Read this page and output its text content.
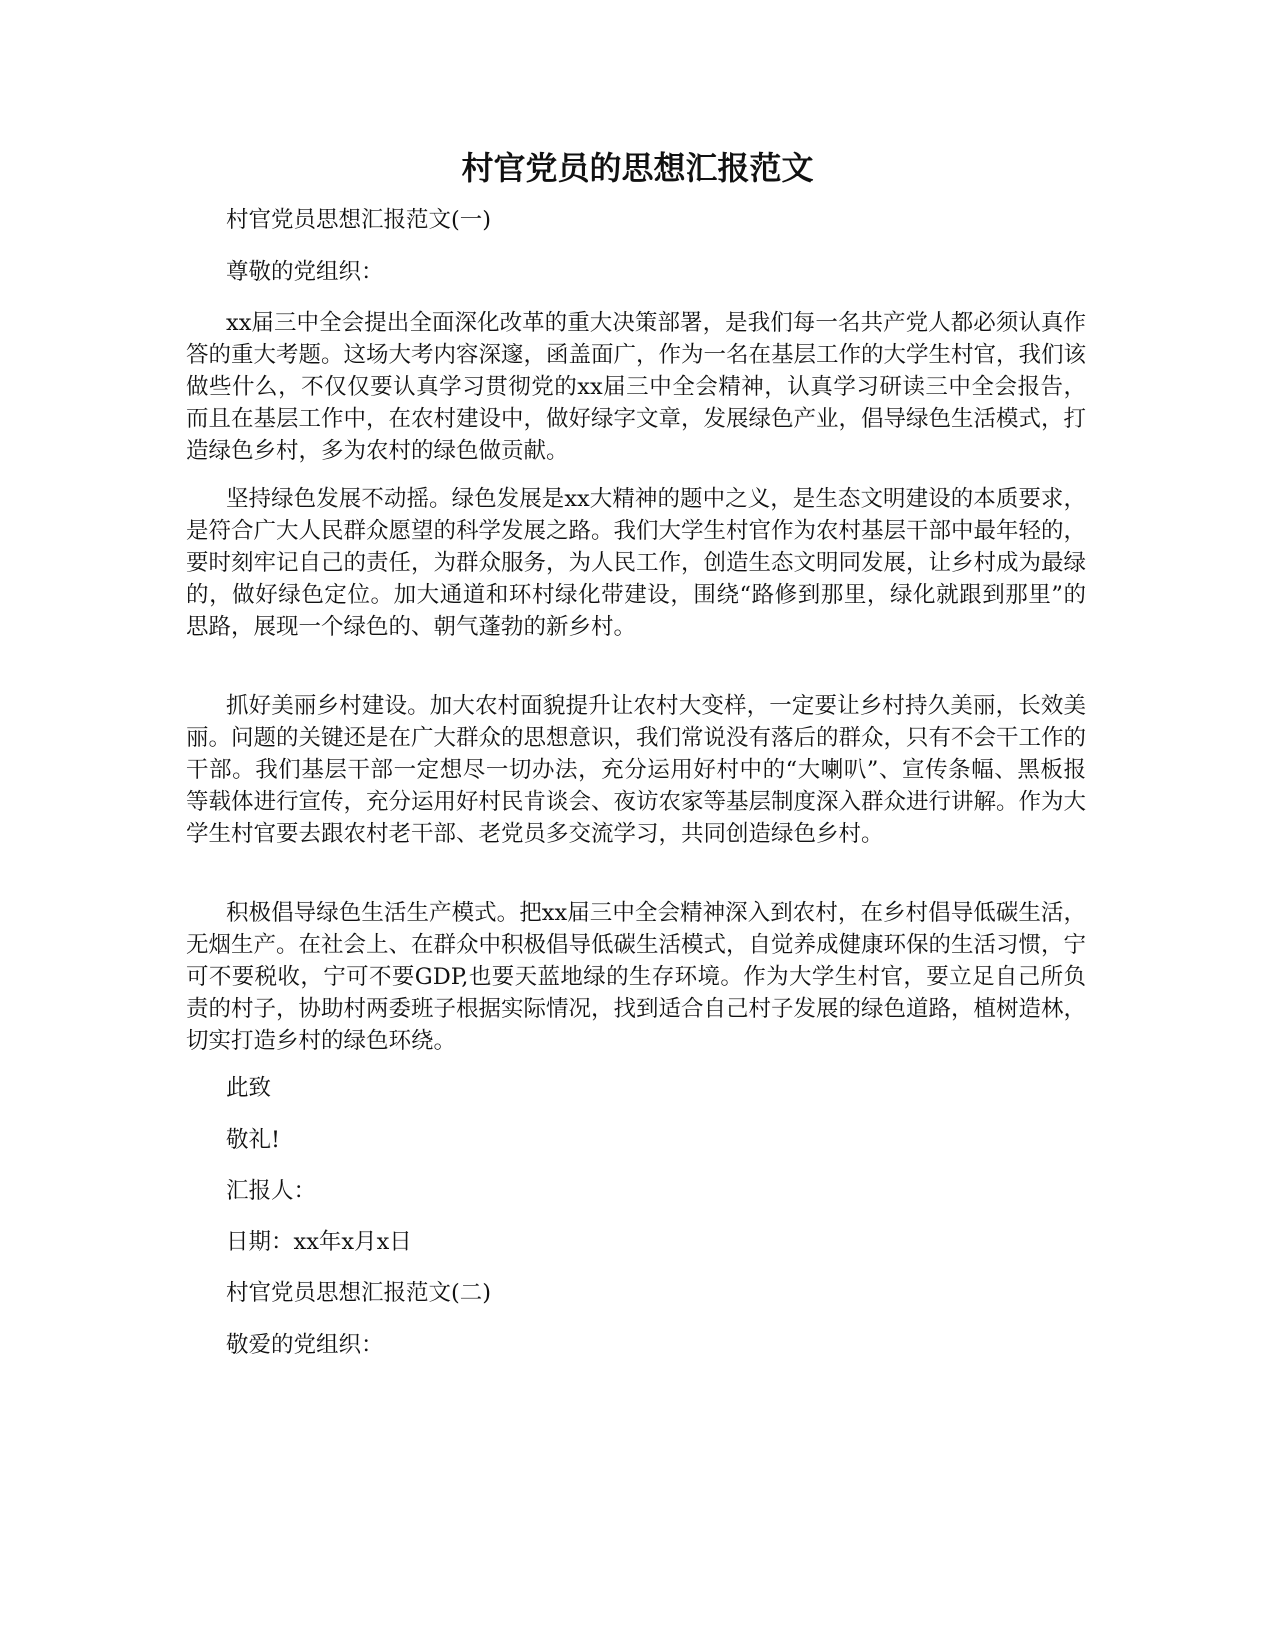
村官党员的思想汇报范文

村官党员思想汇报范文(一)

尊敬的党组织：

xx届三中全会提出全面深化改革的重大决策部署，是我们每一名共产党人都必须认真作答的重大考题。这场大考内容深邃，函盖面广，作为一名在基层工作的大学生村官，我们该做些什么，不仅仅要认真学习贯彻党的xx届三中全会精神，认真学习研读三中全会报告，而且在基层工作中，在农村建设中，做好绿字文章，发展绿色产业，倡导绿色生活模式，打造绿色乡村，多为农村的绿色做贡献。

坚持绿色发展不动摇。绿色发展是xx大精神的题中之义，是生态文明建设的本质要求，是符合广大人民群众愿望的科学发展之路。我们大学生村官作为农村基层干部中最年轻的，要时刻牢记自己的责任，为群众服务，为人民工作，创造生态文明同发展，让乡村成为最绿的，做好绿色定位。加大通道和环村绿化带建设，围绕“路修到那里，绿化就跟到那里”的思路，展现一个绿色的、朝气蓬勃的新乡村。

抓好美丽乡村建设。加大农村面貌提升让农村大变样，一定要让乡村持久美丽，长效美丽。问题的关键还是在广大群众的思想意识，我们常说没有落后的群众，只有不会干工作的干部。我们基层干部一定想尽一切办法，充分运用好村中的“大喇叭”、宣传条幅、黑板报等载体进行宣传，充分运用好村民肯谈会、夜访农家等基层制度深入群众进行讲解。作为大学生村官要去跟农村老干部、老党员多交流学习，共同创造绿色乡村。

积极倡导绿色生活生产模式。把xx届三中全会精神深入到农村，在乡村倡导低碳生活，无烟生产。在社会上、在群众中积极倡导低碳生活模式，自觉养成健康环保的生活习惯，宁可不要税收，宁可不要GDP,也要天蓝地绿的生存环境。作为大学生村官，要立足自己所负责的村子，协助村两委班子根据实际情况，找到适合自己村子发展的绿色道路，植树造林，切实打造乡村的绿色环绕。

此致

敬礼!

汇报人：

日期：xx年x月x日

村官党员思想汇报范文(二)

敬爱的党组织：
